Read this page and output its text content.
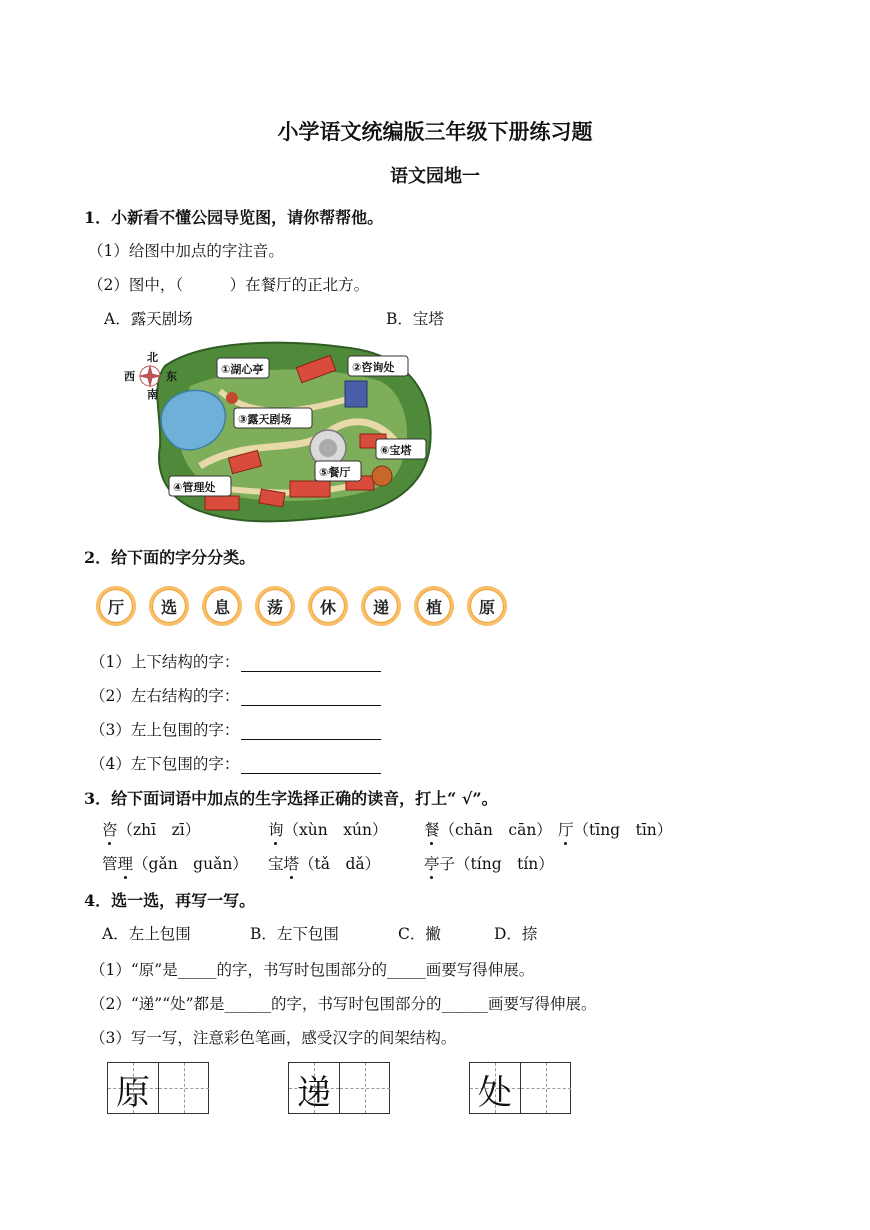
小学语文统编版三年级下册练习题
语文园地一
1．小新看不懂公园导览图，请你帮帮他。
（1）给图中加点的字注音。
（2）图中，（　　　）在餐厅的正北方。
A．露天剧场	B．宝塔
北
西	东
南
①湖心亭	②咨询处
③露天剧场
④管理处
⑤餐厅
⑥宝塔
2．给下面的字分分类。
厅	选	息	荡	休	递	植	原
（1）上下结构的字：
（2）左右结构的字：
（3）左上包围的字：
（4）左下包围的字：
3．给下面词语中加点的生字选择正确的读音，打上“ √”。
咨（zhī　zī）	询（xùn　xún） 餐（chān　cān） 厅（tīng　tīn）
管理（gǎn　guǎn） 宝塔（tǎ　dǎ）	亭子（tíng　tín）
4．选一选，再写一写。
A．左上包围	B．左下包围	C．撇	D．捺
（1）“原”是_____的字，书写时包围部分的_____画要写得伸展。
（2）“递”“处”都是______的字，书写时包围部分的______画要写得伸展。
（3）写一写，注意彩色笔画，感受汉字的间架结构。
原	递	处
